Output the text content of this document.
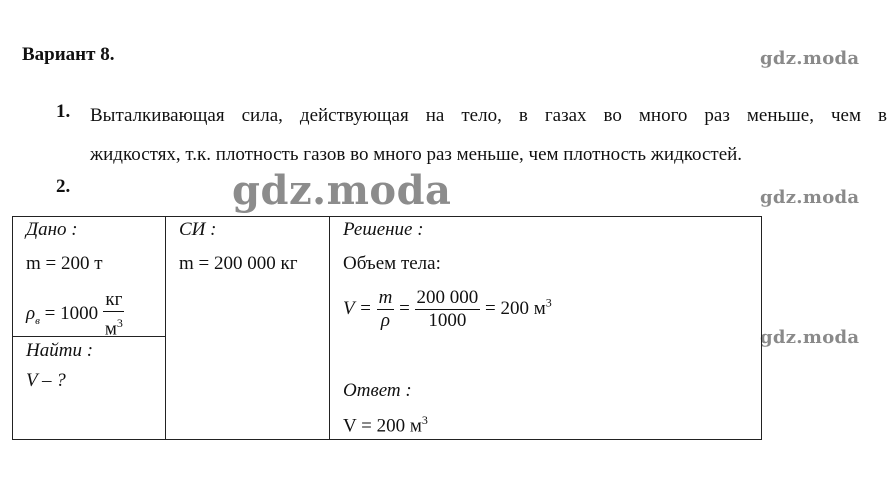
Вариант 8.	gdz.moda
gdz.moda
gdz.moda
gdz.moda
1. Выталкивающая сила, действующая на тело, в газах во много раз меньше, чем в
жидкостях, т.к. плотность газов во много раз меньше, чем плотность жидкостей.
2.
Дано :
m = 200 т
$\rho_в = 1000 \frac{кг}{м^3}$

СИ :
m = 200 000 кг

Решение :
Объем тела:
$V = \frac{m}{\rho} = \frac{200 000}{1000} = 200$ $м^3$
Ответ :
V = 200 $м^3$

Найти :
V – ?
